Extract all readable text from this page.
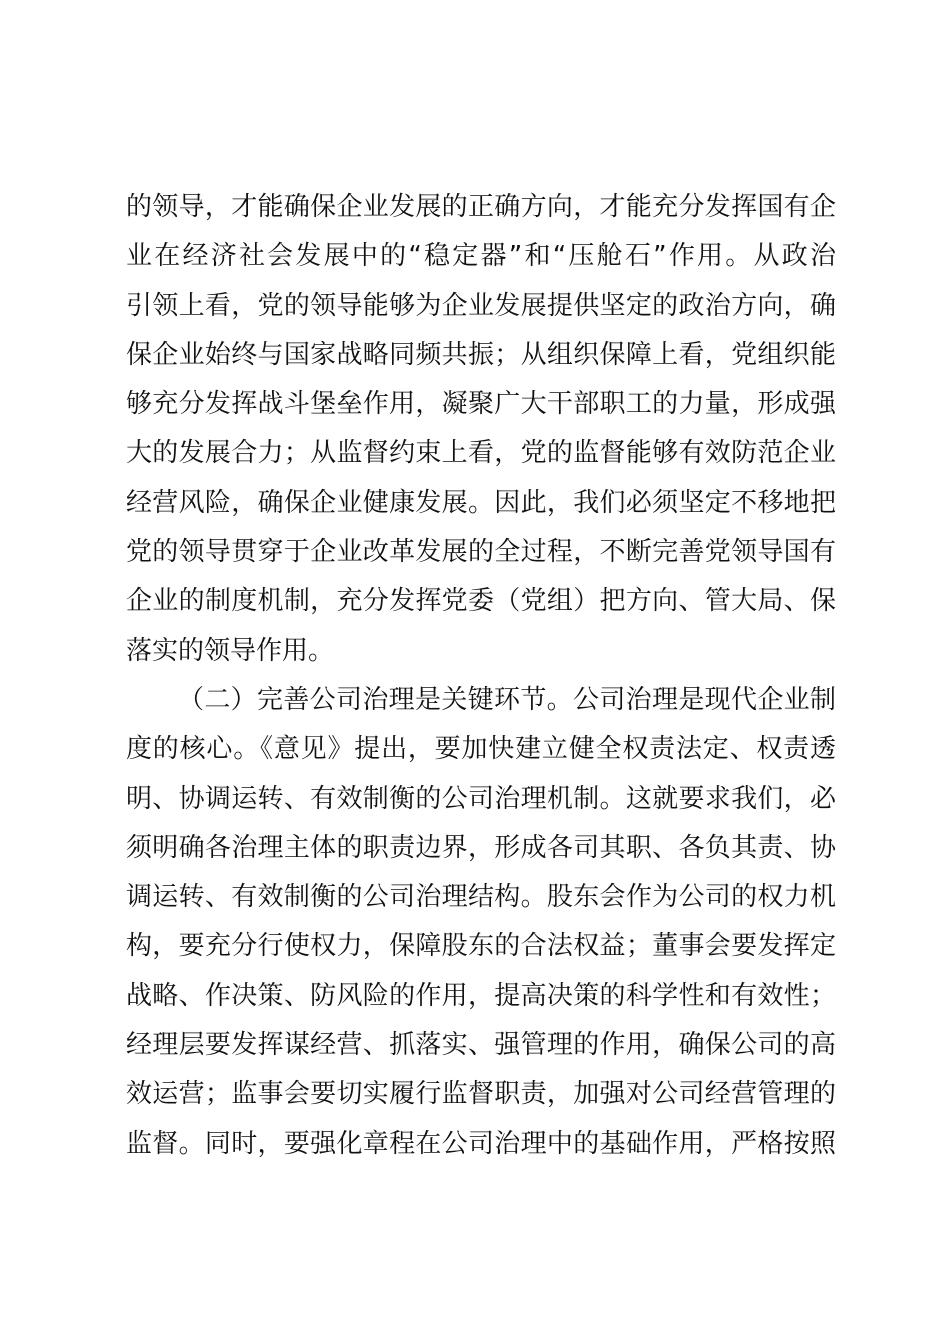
的领导，才能确保企业发展的正确方向，才能充分发挥国有企
业在经济社会发展中的“稳定器”和“压舱石”作用。从政治
引领上看，党的领导能够为企业发展提供坚定的政治方向，确
保企业始终与国家战略同频共振；从组织保障上看，党组织能
够充分发挥战斗堡垒作用，凝聚广大干部职工的力量，形成强
大的发展合力；从监督约束上看，党的监督能够有效防范企业
经营风险，确保企业健康发展。因此，我们必须坚定不移地把
党的领导贯穿于企业改革发展的全过程，不断完善党领导国有
企业的制度机制，充分发挥党委（党组）把方向、管大局、保
落实的领导作用。
（二）完善公司治理是关键环节。公司治理是现代企业制
度的核心。《意见》提出，要加快建立健全权责法定、权责透
明、协调运转、有效制衡的公司治理机制。这就要求我们，必
须明确各治理主体的职责边界，形成各司其职、各负其责、协
调运转、有效制衡的公司治理结构。股东会作为公司的权力机
构，要充分行使权力，保障股东的合法权益；董事会要发挥定
战略、作决策、防风险的作用，提高决策的科学性和有效性；
经理层要发挥谋经营、抓落实、强管理的作用，确保公司的高
效运营；监事会要切实履行监督职责，加强对公司经营管理的
监督。同时，要强化章程在公司治理中的基础作用，严格按照
